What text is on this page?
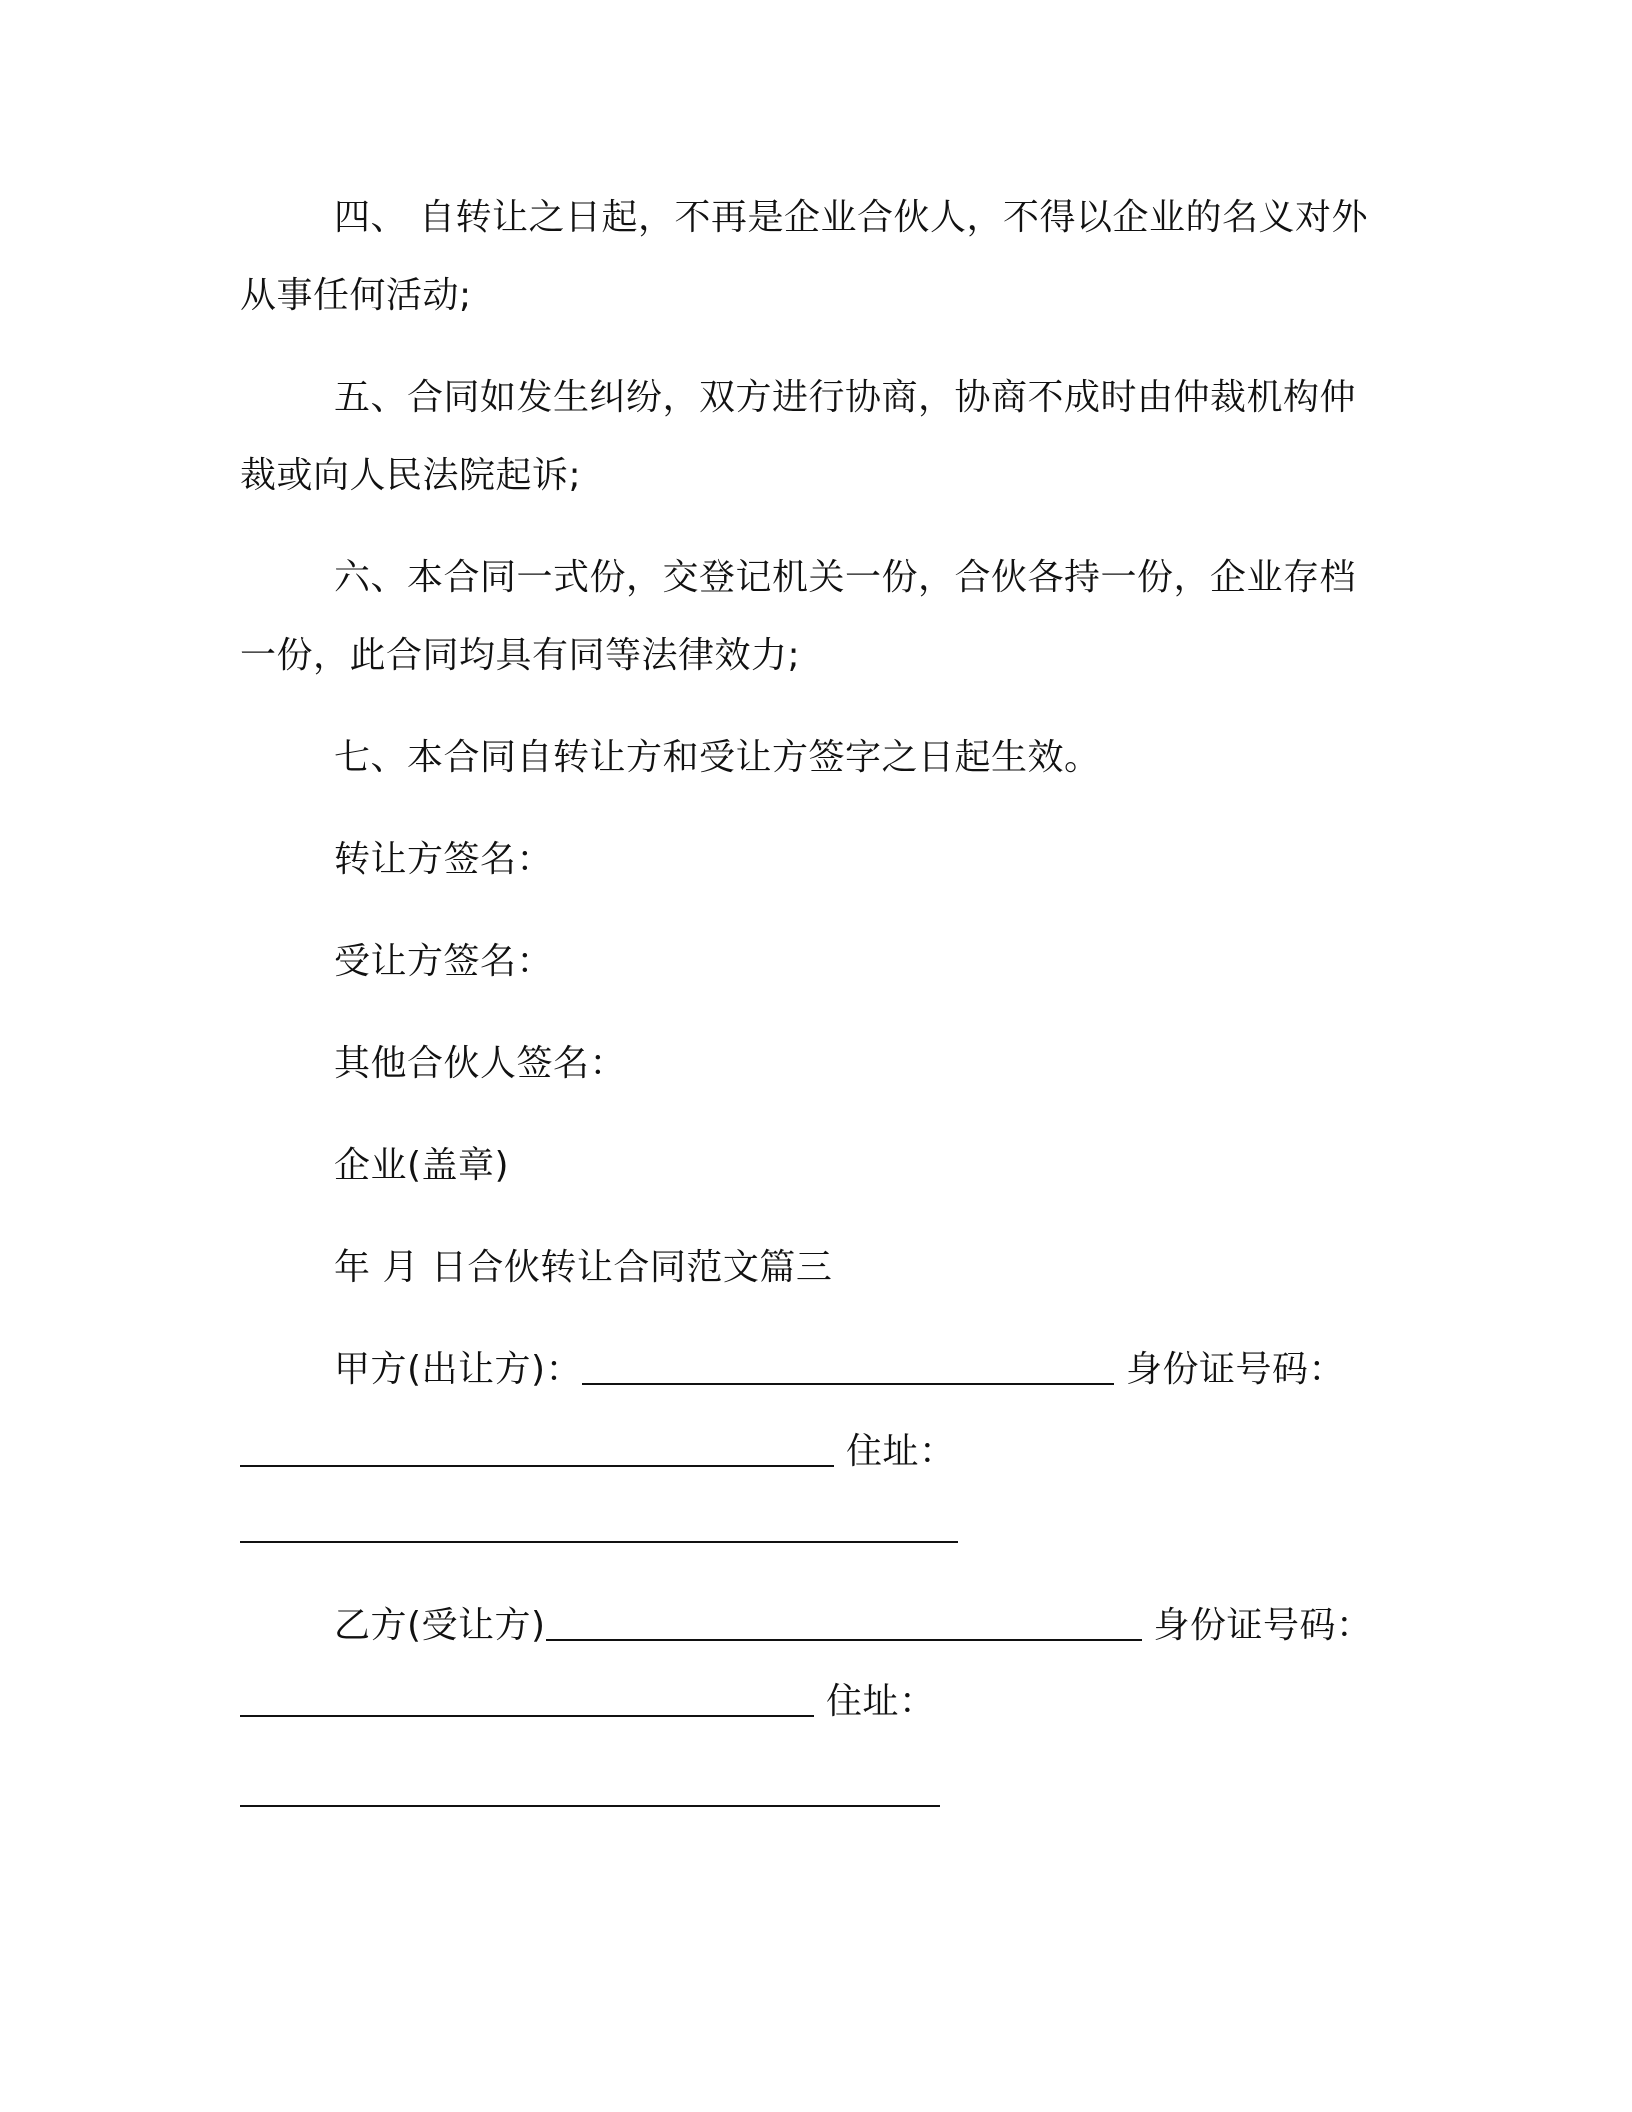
四、 自转让之日起，不再是企业合伙人，不得以企业的名义对外
从事任何活动;
五、合同如发生纠纷，双方进行协商，协商不成时由仲裁机构仲
裁或向人民法院起诉;
六、本合同一式份，交登记机关一份，合伙各持一份，企业存档
一份，此合同均具有同等法律效力;
七、本合同自转让方和受让方签字之日起生效。
转让方签名：
受让方签名：
其他合伙人签名：
企业(盖章)
年 月 日合伙转让合同范文篇三
甲方(出让方)：	身份证号码：
住址：
乙方(受让方)	身份证号码：
住址：
